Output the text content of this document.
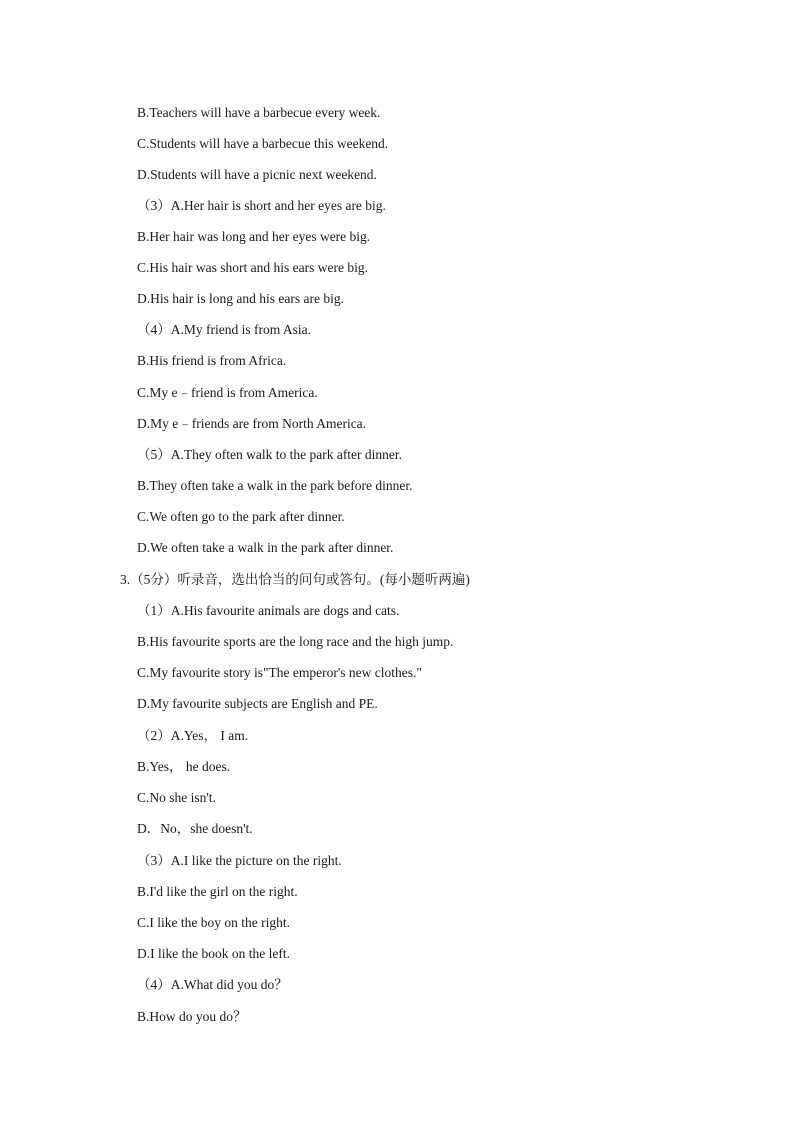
B.Teachers will have a barbecue every week.
C.Students will have a barbecue this weekend.
D.Students will have a picnic next weekend.
（3）A.Her hair is short and her eyes are big.
B.Her hair was long and her eyes were big.
C.His hair was short and his ears were big.
D.His hair is long and his ears are big.
（4）A.My friend is from Asia.
B.His friend is from Africa.
C.My e﹣friend is from America.
D.My e﹣friends are from North America.
（5）A.They often walk to the park after dinner.
B.They often take a walk in the park before dinner.
C.We often go to the park after dinner.
D.We often take a walk in the park after dinner.
3.（5分）听录音，选出恰当的问句或答句。(每小题听两遍)
（1）A.His favourite animals are dogs and cats.
B.His favourite sports are the long race and the high jump.
C.My favourite story is"The emperor's new clothes."
D.My favourite subjects are English and PE.
（2）A.Yes， I am.
B.Yes， he does.
C.No she isn't.
D．No，she doesn't.
（3）A.I like the picture on the right.
B.I'd like the girl on the right.
C.I like the boy on the right.
D.I like the book on the left.
（4）A.What did you do？
B.How do you do？
